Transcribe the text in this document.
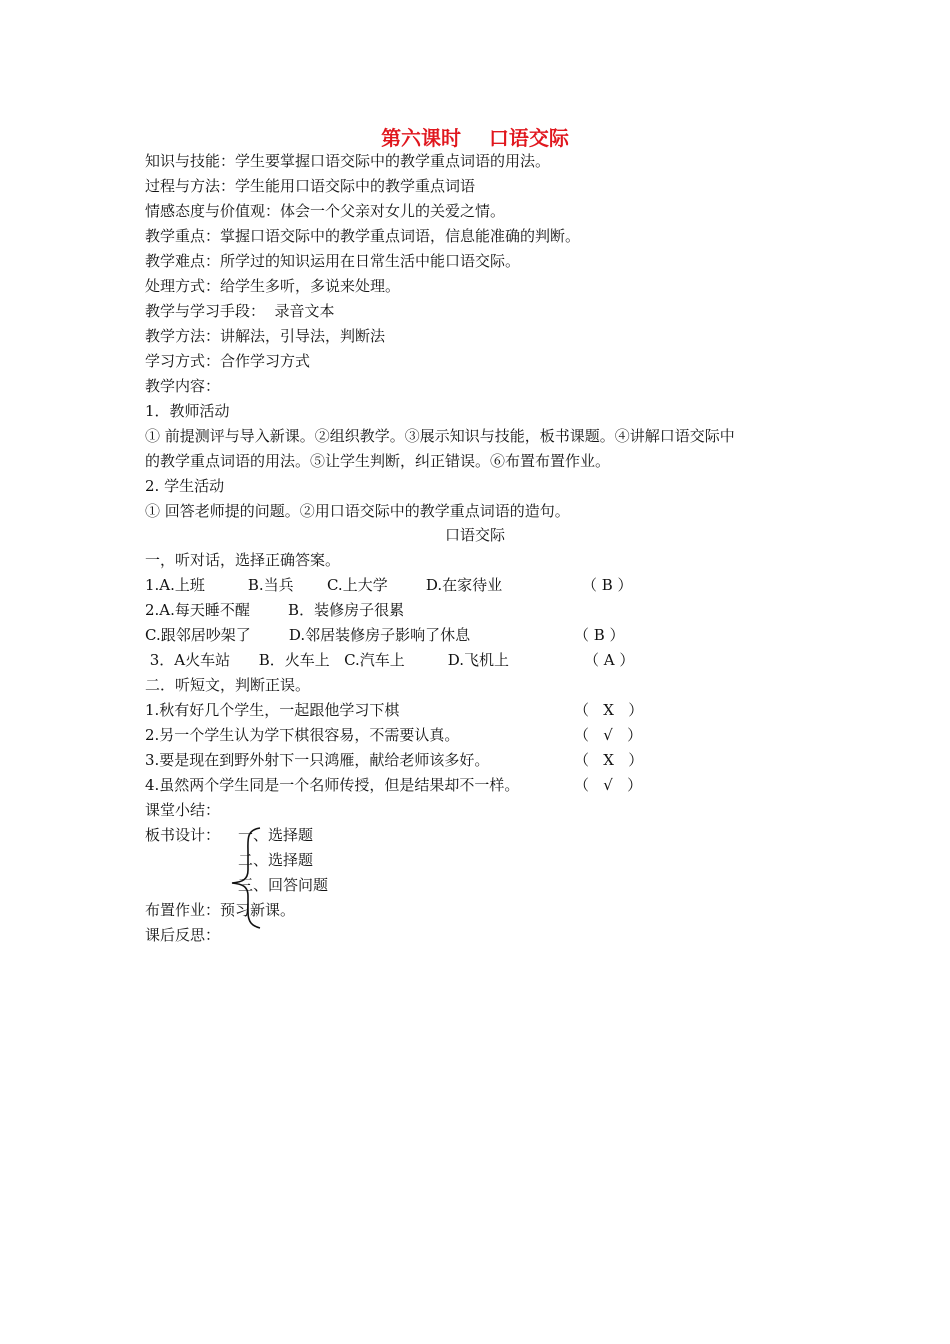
第六课时    口语交际
知识与技能：学生要掌握口语交际中的教学重点词语的用法。
过程与方法：学生能用口语交际中的教学重点词语
情感态度与价值观：体会一个父亲对女儿的关爱之情。
教学重点：掌握口语交际中的教学重点词语，信息能准确的判断。
教学难点：所学过的知识运用在日常生活中能口语交际。
处理方式：给学生多听，多说来处理。
教学与学习手段：  录音文本
教学方法：讲解法，引导法，判断法
学习方式：合作学习方式
教学内容：
1．教师活动
① 前提测评与导入新课。②组织教学。③展示知识与技能，板书课题。④讲解口语交际中
的教学重点词语的用法。⑤让学生判断，纠正错误。⑥布置布置作业。
2. 学生活动
① 回答老师提的问题。②用口语交际中的教学重点词语的造句。
口语交际
一，听对话，选择正确答案。
1.A.上班         B.当兵       C.上大学        D.在家待业	（ B ）
2.A.每天睡不醒        B．装修房子很累
C.跟邻居吵架了        D.邻居装修房子影响了休息	（ B ）
3．A火车站      B．火车上   C.汽车上         D.飞机上	（ A ）
二．听短文，判断正误。
1.秋有好几个学生，一起跟他学习下棋	（   X   ）
2.另一个学生认为学下棋很容易，不需要认真。	（   √   ）
3.要是现在到野外射下一只鸿雁，献给老师该多好。	（   X   ）
4.虽然两个学生同是一个名师传授，但是结果却不一样。	（   √   ）
课堂小结：
板书设计： 一、选择题
二、选择题
三、回答问题
布置作业：预习新课。
课后反思：
